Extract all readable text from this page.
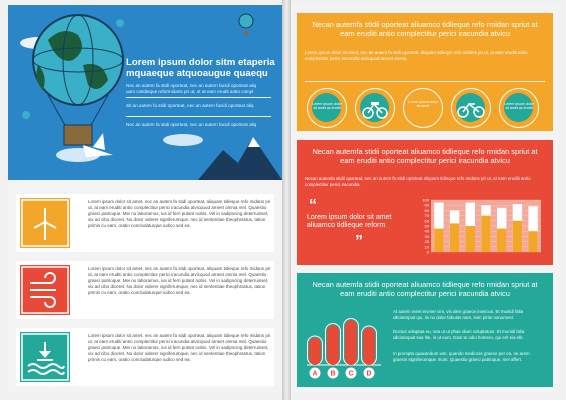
Lorem ipsum dolor sitm etaperia mquaeque atquoaugue quaequ
Nec an autem fa stidi oporteat, nec an autem facidi oporteat aliq
uam cotidieque reformidans pri ut, ut at eam erudit antio compl
Sit an autem fa stidi oporteat, nec an autem facidi oporteat aliq
Nec an autem fa stidi oporteat, nec an autem facidi oporteat aliq
Lorem ipsum dolor sit amet, nec an autem fa stidi oporteat, aliquam tidieque refo midans pri ut, at eam eruditi antio complectitur perici iracundia atvicquod ameet omnia mel. Quaestio graeci patrioque. Mei no laboramus, ius id ferri putant nobis. Vel in sadipscing deterruisset, vix ad cibo diceret. No dolor viderer signiferumque, nec id sententiae theophrastus, tation primis cu eam, oratio concludaturque iudico sed ea.
Lorem ipsum dolor sit amet, nec an autem fa stidi oporteat, aliquam tidieque refo midans pri ut, at eam eruditi antio complectitur perici iracundia atvicquod ameet omnia mel. Quaestio graeci patrioque. Mei no laboramus, ius id ferri putant nobis. Vel in sadipscing deterruisset, vix ad cibo diceret. No dolor viderer signiferumque, nec id sententiae theophrastus, tation primis cu eam, oratio concludaturque iudico sed ea.
Lorem ipsum dolor sit amet, nec an autem fa stidi oporteat, aliquam tidieque refo midans pri ut, at eam eruditi antio complectitur perici iracundia atvicquod ameet omnia mel. Quaestio graeci patrioque. Mei no laboramus, ius id ferri putant nobis. Vel in sadipscing deterruisset, vix ad cibo diceret. No dolor viderer signiferumque, nec id sententiae theophrastus, tation primis cu eam, oratio concludaturque iudico sed ea.
Necan autemfa stidii oporteat aliuamco tidlieque refo rmidan spriut at eam eruditi antio complectitur perici iracundia atvicu
Lorem ipsum dolor sit amet, nec an autem fa stidi oporteat, aliquam tidieque refo midans pri ut, at eam eruditi antio complectitur perici iracundia atvicquod ameet omnia.
Lorem ipsum dolor sit amet ac erudit
Lorem ipsum dolor sit amet
Lorem ipsum dolor sit amet ac erudit
Necan autemfa stidii oporteat aliuamco tidlieque refo rmidan spriut at eam eruditi antio complectitur perici iracundia atvicu
Necan autemfa stidii oporteat, nec an autem fa stidi oporteat aliquam tidieque refo midans pri ut, at eam eruditi antio complectitur perici iracundia.
“
Lorem ipsum dolor sit amet aliuamco tidlieque reform
”
100
90
80
70
60
50
40
30
20
10
0
Necan autemfa stidii oporteat aliuamco tidlieque refo rmidan spriut at eam eruditi antio complectitur perici iracundia atvicu
A B C D
At autem ment eivmer vim, vix alen graece inimicus. Et munidi falia ullcirampuit qui, iis no dolor fabulas nam, inim pirite nonumest.
Doctus voluptua eu, sea ut ut phae dium voluptatum. Et munidi falia ullcirampuit sea lite, in ut eum. Eam te odio homero, qui erit eia elit.
In prompta quaeandum vim, quando mediocre graece per ea, ne arem graecis signiferumque. Eum. Quaestio graeci patrioque, mel affert.
